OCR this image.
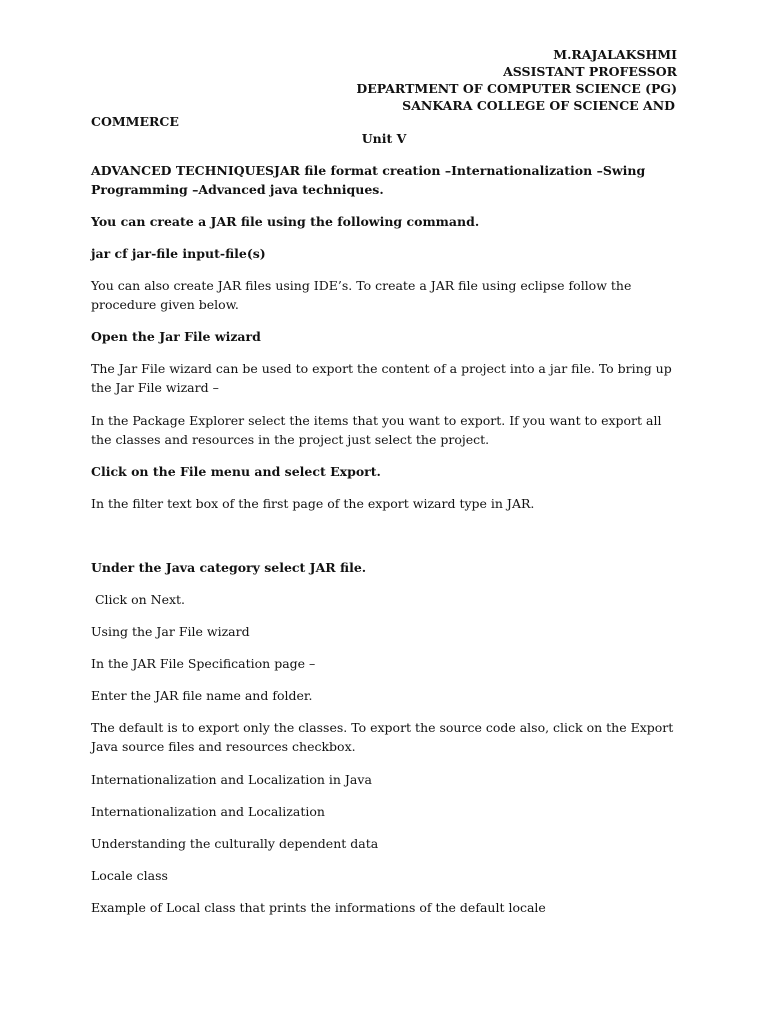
M.RAJALAKSHMI
ASSISTANT PROFESSOR
DEPARTMENT OF COMPUTER SCIENCE (PG)
SANKARA COLLEGE OF SCIENCE AND
COMMERCE
Unit V
ADVANCED TECHNIQUESJAR file format creation –Internationalization –Swing Programming –Advanced java techniques.
You can create a JAR file using the following command.
jar cf jar-file input-file(s)
You can also create JAR files using IDE’s. To create a JAR file using eclipse follow the procedure given below.
Open the Jar File wizard
The Jar File wizard can be used to export the content of a project into a jar file. To bring up the Jar File wizard –
In the Package Explorer select the items that you want to export. If you want to export all the classes and resources in the project just select the project.
Click on the File menu and select Export.
In the filter text box of the first page of the export wizard type in JAR.
Under the Java category select JAR file.
Click on Next.
Using the Jar File wizard
In the JAR File Specification page –
Enter the JAR file name and folder.
The default is to export only the classes. To export the source code also, click on the Export Java source files and resources checkbox.
Internationalization and Localization in Java
Internationalization and Localization
Understanding the culturally dependent data
Locale class
Example of Local class that prints the informations of the default locale
